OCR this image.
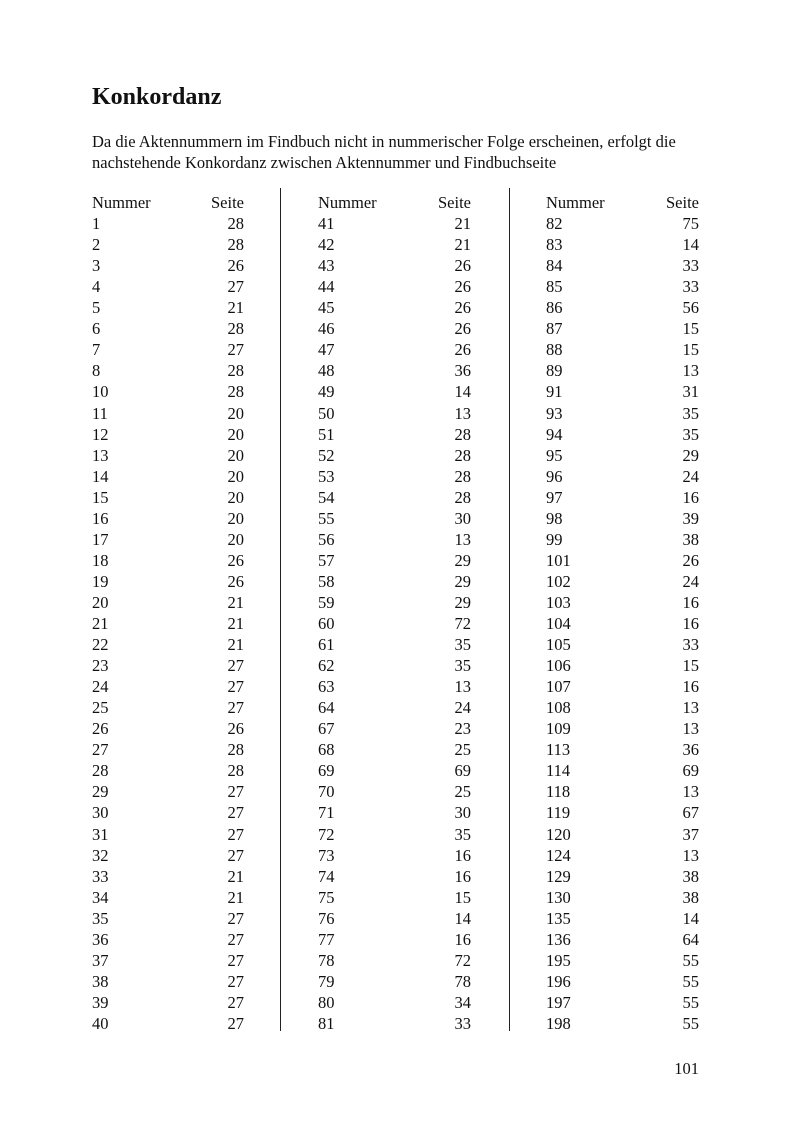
Konkordanz

Da die Aktennummern im Findbuch nicht in nummerischer Folge erscheinen, erfolgt die nachstehende Konkordanz zwischen Aktennummer und Findbuchseite

Nummer	Seite
1	28
2	28
3	26
4	27
5	21
6	28
7	27
8	28
10	28
11	20
12	20
13	20
14	20
15	20
16	20
17	20
18	26
19	26
20	21
21	21
22	21
23	27
24	27
25	27
26	26
27	28
28	28
29	27
30	27
31	27
32	27
33	21
34	21
35	27
36	27
37	27
38	27
39	27
40	27
Nummer	Seite
41	21
42	21
43	26
44	26
45	26
46	26
47	26
48	36
49	14
50	13
51	28
52	28
53	28
54	28
55	30
56	13
57	29
58	29
59	29
60	72
61	35
62	35
63	13
64	24
67	23
68	25
69	69
70	25
71	30
72	35
73	16
74	16
75	15
76	14
77	16
78	72
79	78
80	34
81	33
Nummer	Seite
82	75
83	14
84	33
85	33
86	56
87	15
88	15
89	13
91	31
93	35
94	35
95	29
96	24
97	16
98	39
99	38
101	26
102	24
103	16
104	16
105	33
106	15
107	16
108	13
109	13
113	36
114	69
118	13
119	67
120	37
124	13
129	38
130	38
135	14
136	64
195	55
196	55
197	55
198	55
101
